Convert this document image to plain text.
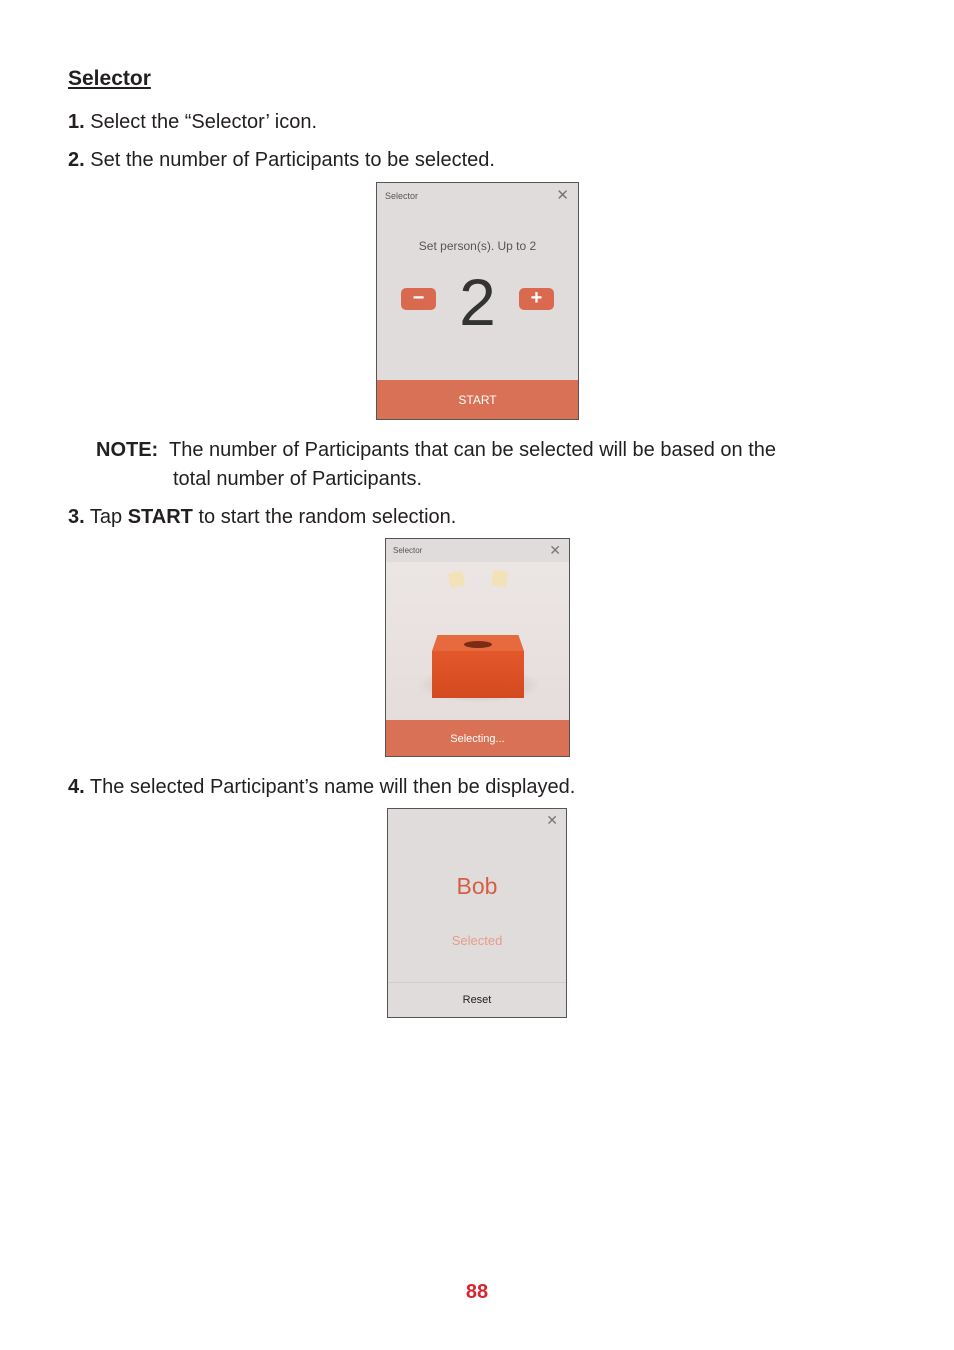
Selector
1. Select the “Selector’ icon.
2. Set the number of Participants to be selected.
Selector	✕
Set person(s). Up to 2
− 2	+
START
NOTE: The number of Participants that can be selected will be based on the
total number of Participants.
3. Tap START to start the random selection.
Selector	✕
Selecting...
4. The selected Participant’s name will then be displayed.
✕
Bob
Selected
Reset
88
